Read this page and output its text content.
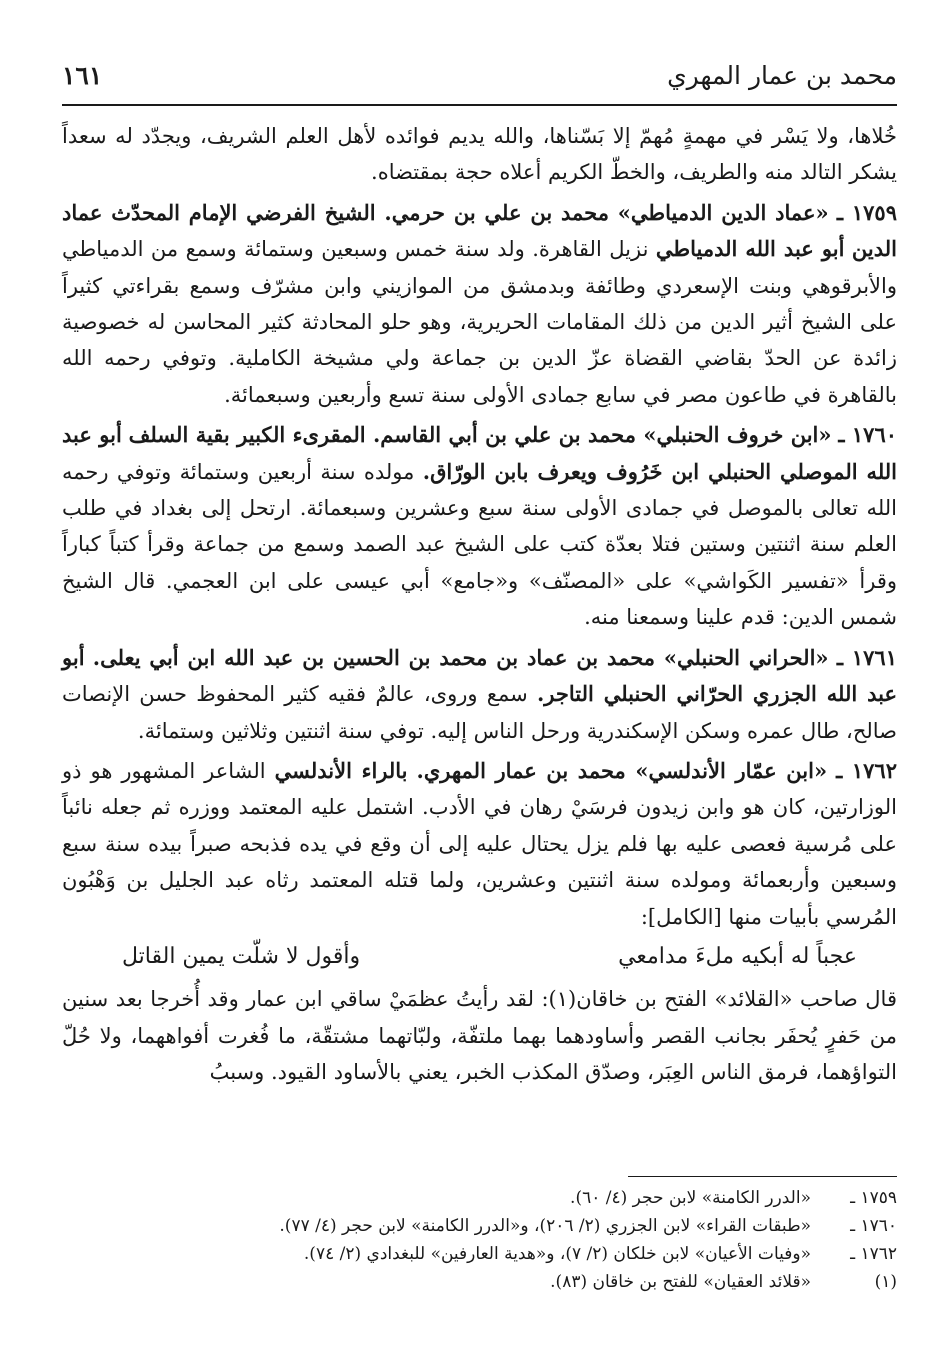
محمد بن عمار المهري
١٦١

خُلاها، ولا يَسْر في مهمةٍ مُهمّ إلا بَسّناها، والله يديم فوائده لأهل العلم الشريف، ويجدّد له سعداً يشكر التالد منه والطريف، والخطّ الكريم أعلاه حجة بمقتضاه.

١٧٥٩ ـ «عماد الدين الدمياطي» محمد بن علي بن حرمي. الشيخ الفرضي الإمام المحدّث عماد الدين أبو عبد الله الدمياطي نزيل القاهرة. ولد سنة خمس وسبعين وستمائة وسمع من الدمياطي والأبرقوهي وبنت الإسعردي وطائفة وبدمشق من الموازيني وابن مشرّف وسمع بقراءتي كثيراً على الشيخ أثير الدين من ذلك المقامات الحريرية، وهو حلو المحادثة كثير المحاسن له خصوصية زائدة عن الحدّ بقاضي القضاة عزّ الدين بن جماعة ولي مشيخة الكاملية. وتوفي رحمه الله بالقاهرة في طاعون مصر في سابع جمادى الأولى سنة تسع وأربعين وسبعمائة.

١٧٦٠ ـ «ابن خروف الحنبلي» محمد بن علي بن أبي القاسم. المقرىء الكبير بقية السلف أبو عبد الله الموصلي الحنبلي ابن خَرُوف ويعرف بابن الورّاق. مولده سنة أربعين وستمائة وتوفي رحمه الله تعالى بالموصل في جمادى الأولى سنة سبع وعشرين وسبعمائة. ارتحل إلى بغداد في طلب العلم سنة اثنتين وستين فتلا بعدّة كتب على الشيخ عبد الصمد وسمع من جماعة وقرأ كتباً كباراً وقرأ «تفسير الكَواشي» على «المصنّف» و«جامع» أبي عيسى على ابن العجمي. قال الشيخ شمس الدين: قدم علينا وسمعنا منه.

١٧٦١ ـ «الحراني الحنبلي» محمد بن عماد بن محمد بن الحسين بن عبد الله ابن أبي يعلى. أبو عبد الله الجزري الحرّاني الحنبلي التاجر. سمع وروى، عالمٌ فقيه كثير المحفوظ حسن الإنصات صالح، طال عمره وسكن الإسكندرية ورحل الناس إليه. توفي سنة اثنتين وثلاثين وستمائة.

١٧٦٢ ـ «ابن عمّار الأندلسي» محمد بن عمار المهري. بالراء الأندلسي الشاعر المشهور هو ذو الوزارتين، كان هو وابن زيدون فرسَيْ رهان في الأدب. اشتمل عليه المعتمد ووزره ثم جعله نائباً على مُرسية فعصى عليه بها فلم يزل يحتال عليه إلى أن وقع في يده فذبحه صبراً بيده سنة سبع وسبعين وأربعمائة ومولده سنة اثنتين وعشرين، ولما قتله المعتمد رثاه عبد الجليل بن وَهْبُون المُرسي بأبيات منها [الكامل]:

عجباً له أبكيه ملءَ مدامعي
وأقول لا شلّت يمين القاتل

قال صاحب «القلائد» الفتح بن خاقان(١): لقد رأيتُ عظمَيْ ساقي ابن عمار وقد أُخرجا بعد سنين من حَفرٍ يُحفَر بجانب القصر وأساودهما بهما ملتفّة، ولبّاتهما مشتقّة، ما فُغرت أفواههما، ولا حُلّ التواؤهما، فرمق الناس العِبَر، وصدّق المكذب الخبر، يعني بالأساود القيود. وسببُ

١٧٥٩ ـ
«الدرر الكامنة» لابن حجر (٤/ ٦٠).
١٧٦٠ ـ
«طبقات القراء» لابن الجزري (٢/ ٢٠٦)، و«الدرر الكامنة» لابن حجر (٤/ ٧٧).
١٧٦٢ ـ
«وفيات الأعيان» لابن خلكان (٢/ ٧)، و«هدية العارفين» للبغدادي (٢/ ٧٤).
(١)
«قلائد العقيان» للفتح بن خاقان (٨٣).
